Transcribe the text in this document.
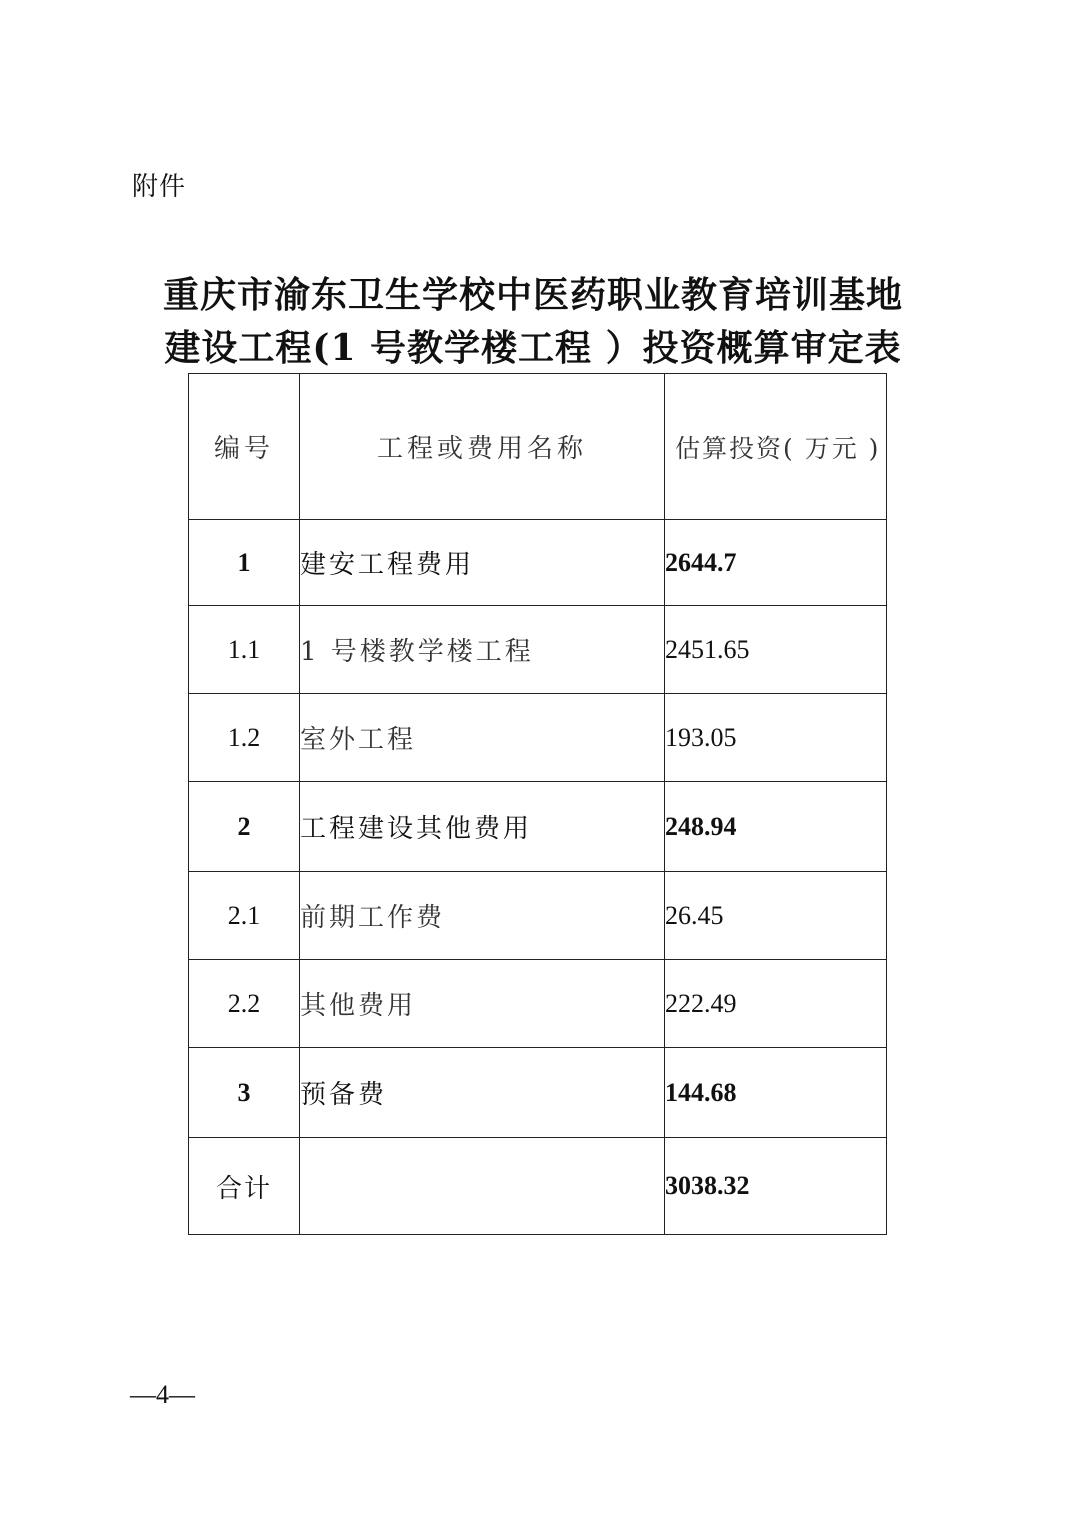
附件
重庆市渝东卫生学校中医药职业教育培训基地
建设工程(1 号教学楼工程 ）投资概算审定表
编号	工程或费用名称	估算投资( 万元 )
1	建安工程费用	2644.7
1.1	1 号楼教学楼工程	2451.65
1.2	室外工程	193.05
2	工程建设其他费用	248.94
2.1	前期工作费	26.45
2.2	其他费用	222.49
3	预备费	144.68
合计		3038.32
—4—
